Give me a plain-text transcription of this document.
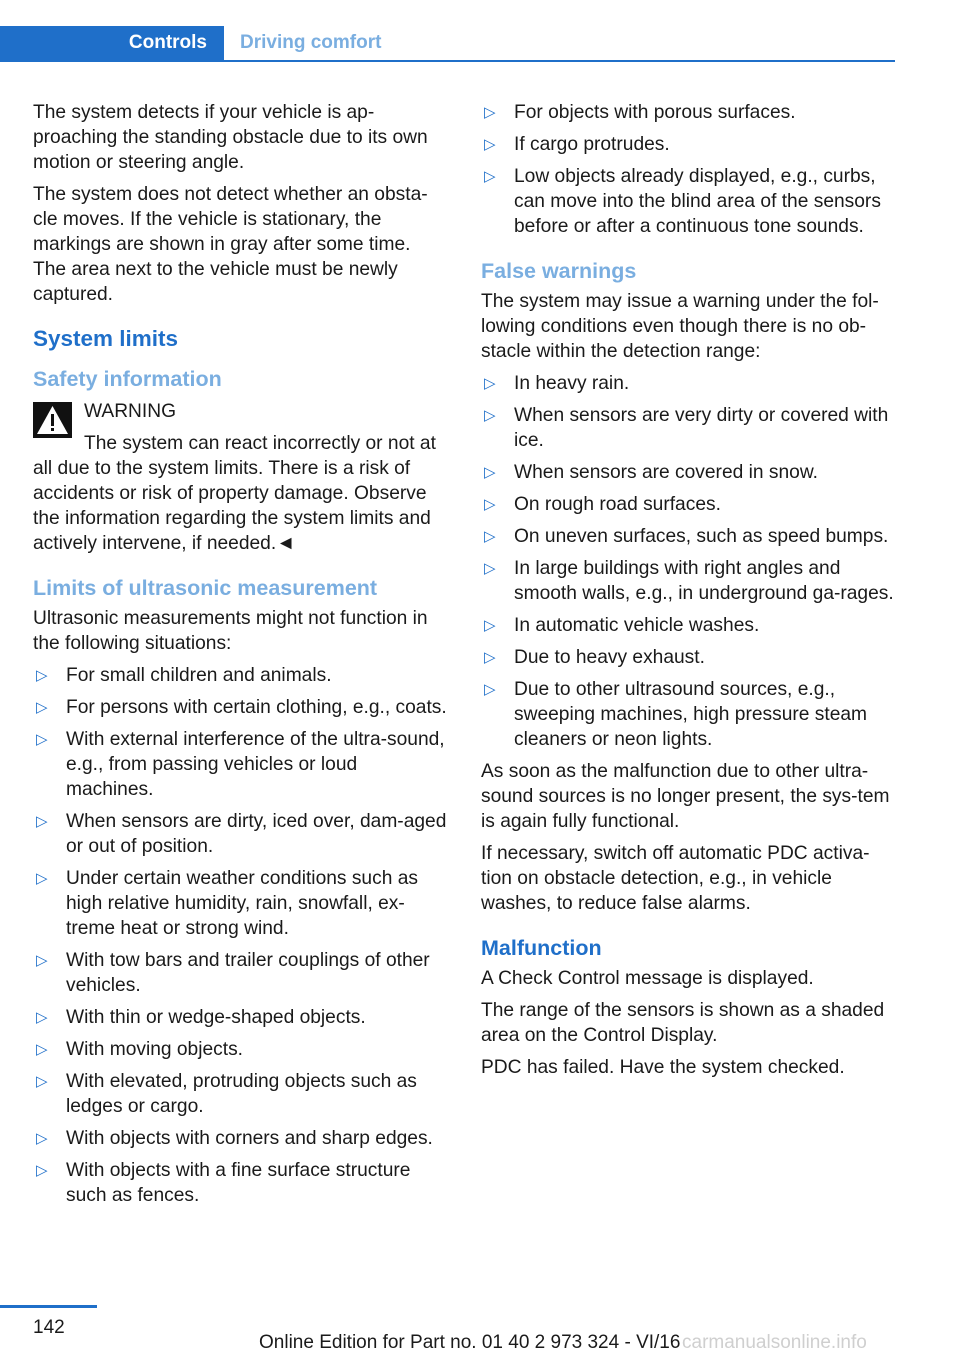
Controls	Driving comfort

The system detects if your vehicle is ap‐proaching the standing obstacle due to its own motion or steering angle.

The system does not detect whether an obsta‐cle moves. If the vehicle is stationary, the markings are shown in gray after some time. The area next to the vehicle must be newly captured.

System limits
Safety information
WARNING

The system can react incorrectly or not at all due to the system limits. There is a risk of accidents or risk of property damage. Observe the information regarding the system limits and actively intervene, if needed.◄

Limits of ultrasonic measurement

Ultrasonic measurements might not function in the following situations:

▷ For small children and animals.
▷ For persons with certain clothing, e.g., coats.
▷ With external interference of the ultra‐sound, e.g., from passing vehicles or loud machines.
▷ When sensors are dirty, iced over, dam‐aged or out of position.
▷ Under certain weather conditions such as high relative humidity, rain, snowfall, ex‐treme heat or strong wind.
▷ With tow bars and trailer couplings of other vehicles.
▷ With thin or wedge-shaped objects.
▷ With moving objects.
▷ With elevated, protruding objects such as ledges or cargo.
▷ With objects with corners and sharp edges.
▷ With objects with a fine surface structure such as fences.
▷ For objects with porous surfaces.
▷ If cargo protrudes.
▷ Low objects already displayed, e.g., curbs, can move into the blind area of the sensors before or after a continuous tone sounds.
False warnings

The system may issue a warning under the fol‐lowing conditions even though there is no ob‐stacle within the detection range:

▷ In heavy rain.
▷ When sensors are very dirty or covered with ice.
▷ When sensors are covered in snow.
▷ On rough road surfaces.
▷ On uneven surfaces, such as speed bumps.
▷ In large buildings with right angles and smooth walls, e.g., in underground ga‐rages.
▷ In automatic vehicle washes.
▷ Due to heavy exhaust.
▷ Due to other ultrasound sources, e.g., sweeping machines, high pressure steam cleaners or neon lights.

As soon as the malfunction due to other ultra‐sound sources is no longer present, the sys‐tem is again fully functional.

If necessary, switch off automatic PDC activa‐tion on obstacle detection, e.g., in vehicle washes, to reduce false alarms.

Malfunction

A Check Control message is displayed.

The range of the sensors is shown as a shaded area on the Control Display.

PDC has failed. Have the system checked.

142
Online Edition for Part no. 01 40 2 973 324 - VI/16 carmanualsonline.info
